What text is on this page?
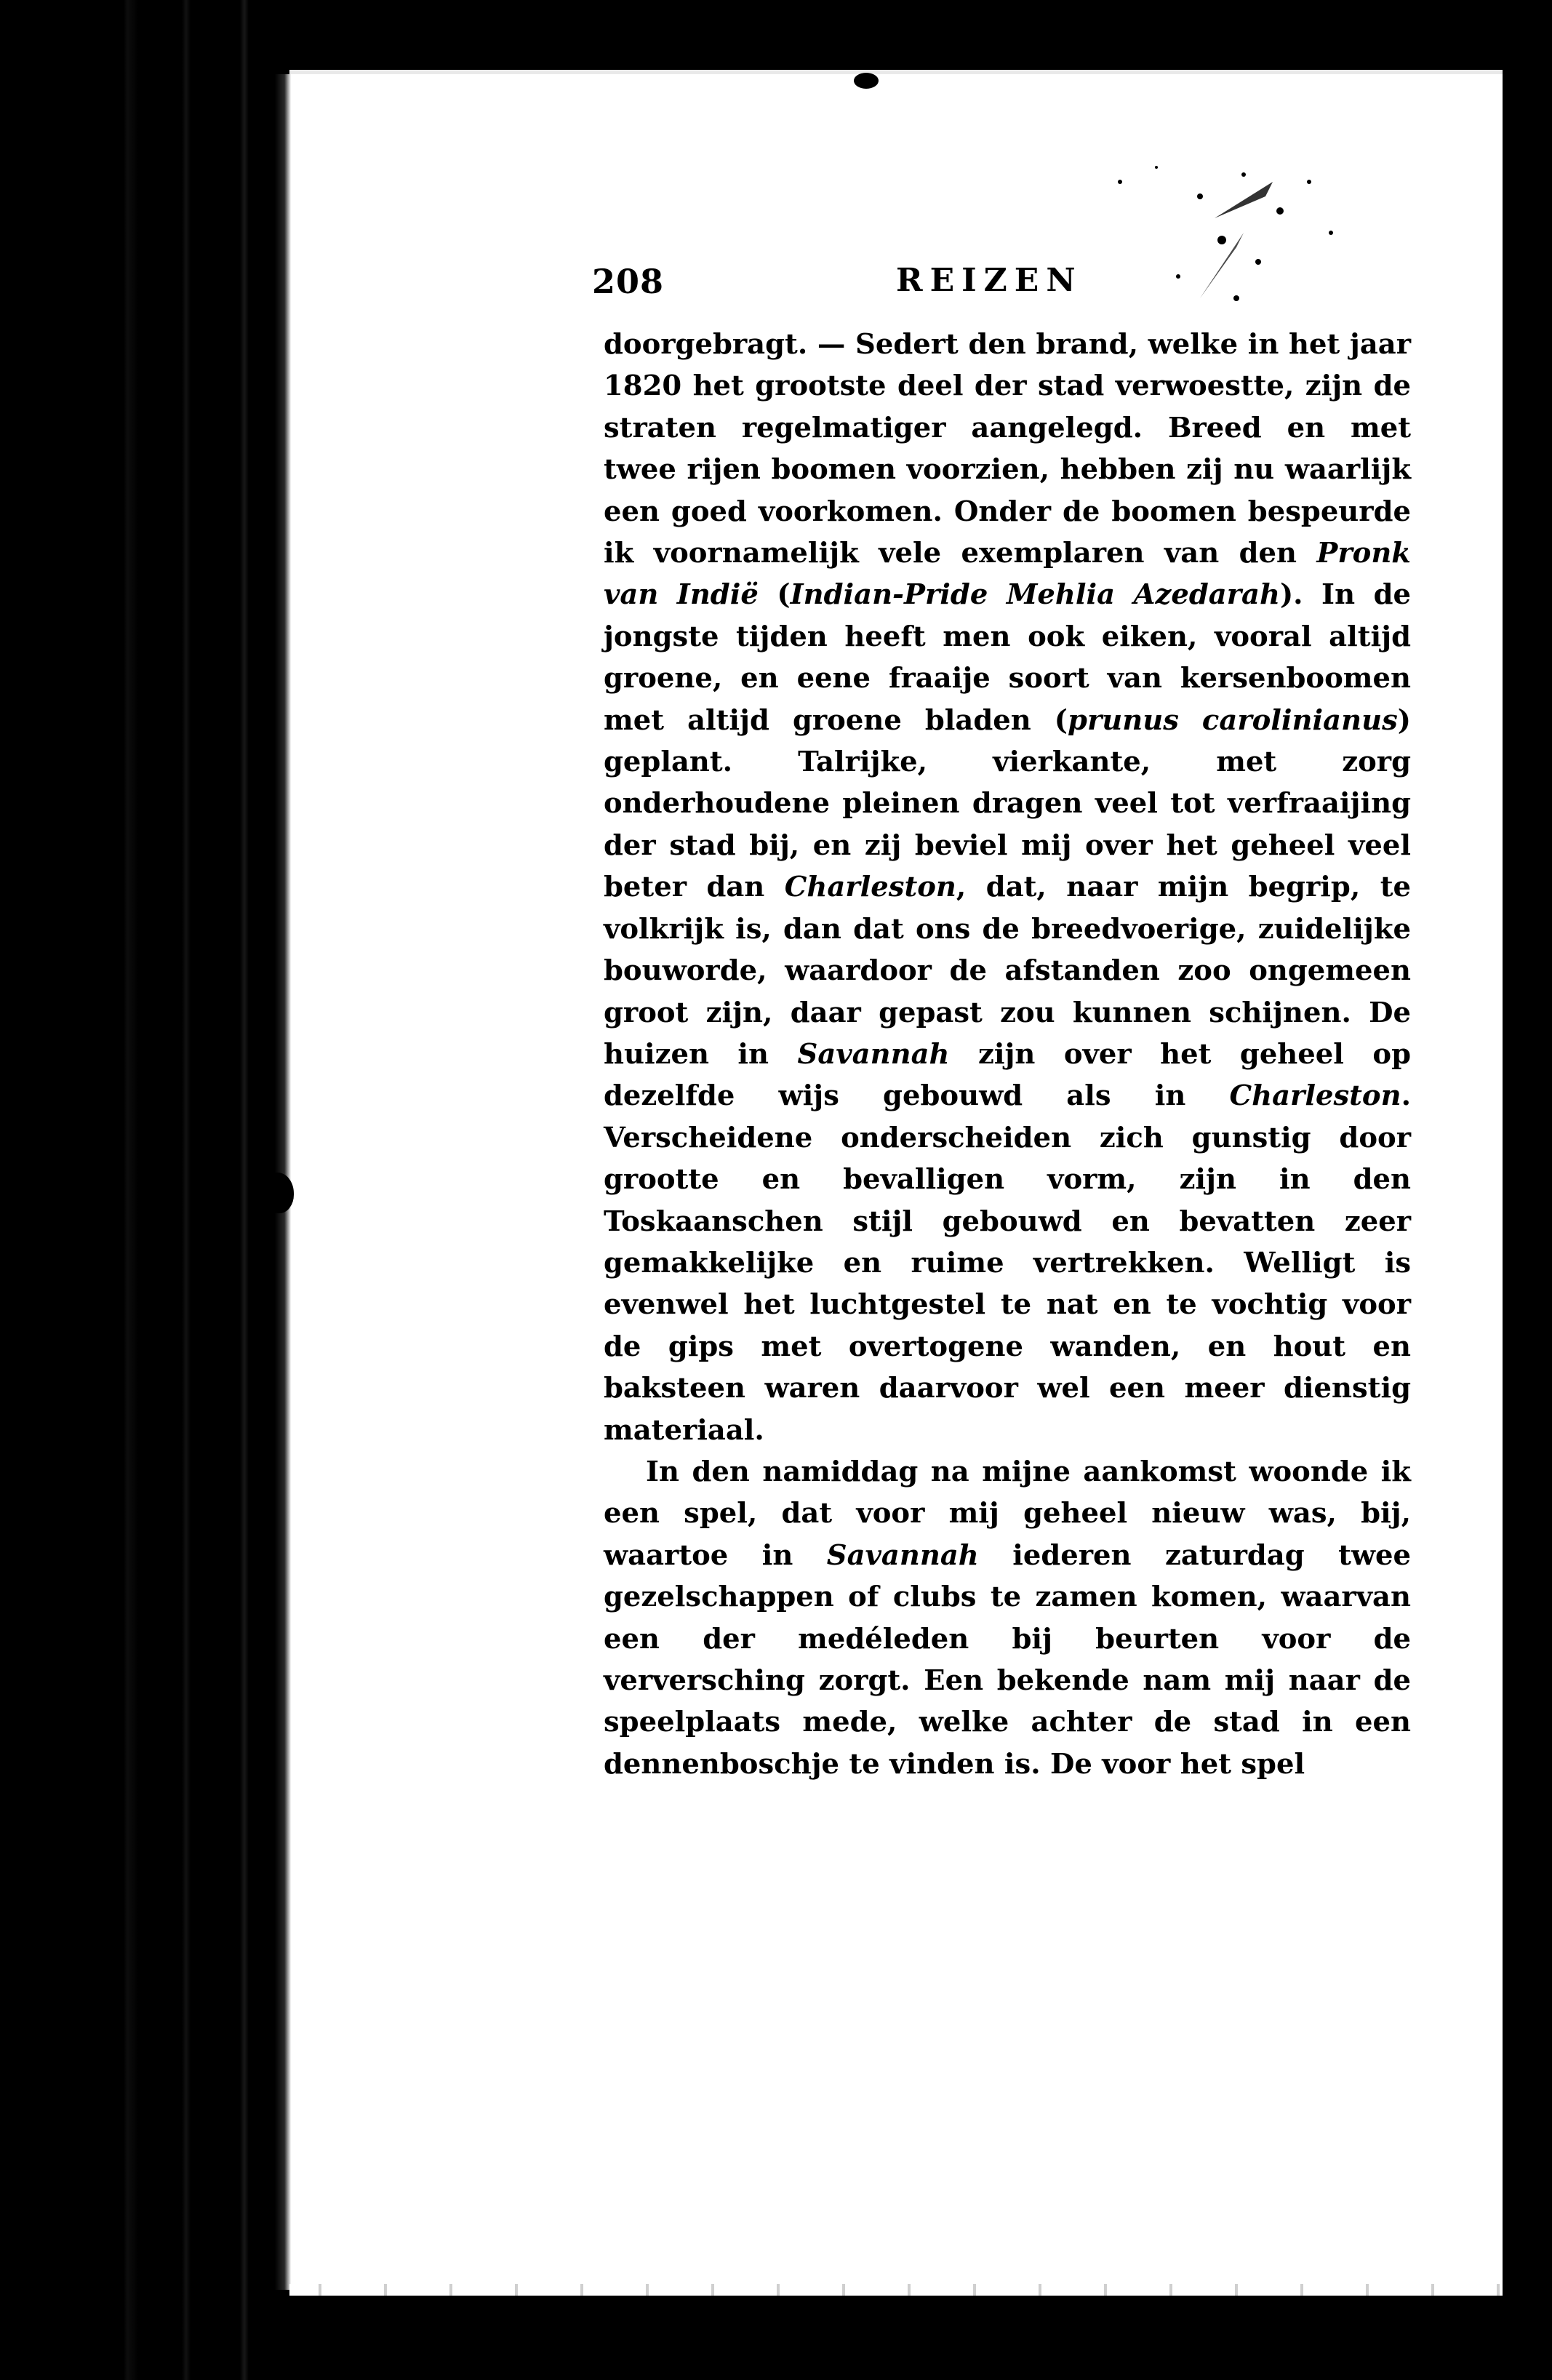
208	REIZEN

doorgebragt. — Sedert den brand, welke in het jaar 1820 het grootste deel der stad verwoestte, zijn de straten regelmatiger aangelegd. Breed en met twee rijen boomen voorzien, hebben zij nu waarlijk een goed voorkomen. Onder de boomen bespeurde ik voornamelijk vele exemplaren van den Pronk van Indië (Indian-Pride Mehlia Azedarah). In de jongste tijden heeft men ook eiken, vooral altijd groene, en eene fraaije soort van kersenboomen met altijd groene bladen (prunus carolinianus) geplant. Talrijke, vierkante, met zorg onderhoudene pleinen dragen veel tot verfraaijing der stad bij, en zij beviel mij over het geheel veel beter dan Charleston, dat, naar mijn begrip, te volkrijk is, dan dat ons de breedvoerige, zuidelijke bouworde, waardoor de afstanden zoo ongemeen groot zijn, daar gepast zou kunnen schijnen. De huizen in Savannah zijn over het geheel op dezelfde wijs gebouwd als in Charleston. Verscheidene onderscheiden zich gunstig door grootte en bevalligen vorm, zijn in den Toskaanschen stijl gebouwd en bevatten zeer gemakkelijke en ruime vertrekken. Welligt is evenwel het luchtgestel te nat en te vochtig voor de gips met overtogene wanden, en hout en baksteen waren daarvoor wel een meer dienstig materiaal.

In den namiddag na mijne aankomst woonde ik een spel, dat voor mij geheel nieuw was, bij, waartoe in Savannah iederen zaturdag twee gezelschappen of clubs te zamen komen, waarvan een der medéleden bij beurten voor de verversching zorgt. Een bekende nam mij naar de speelplaats mede, welke achter de stad in een dennenboschje te vinden is. De voor het spel
